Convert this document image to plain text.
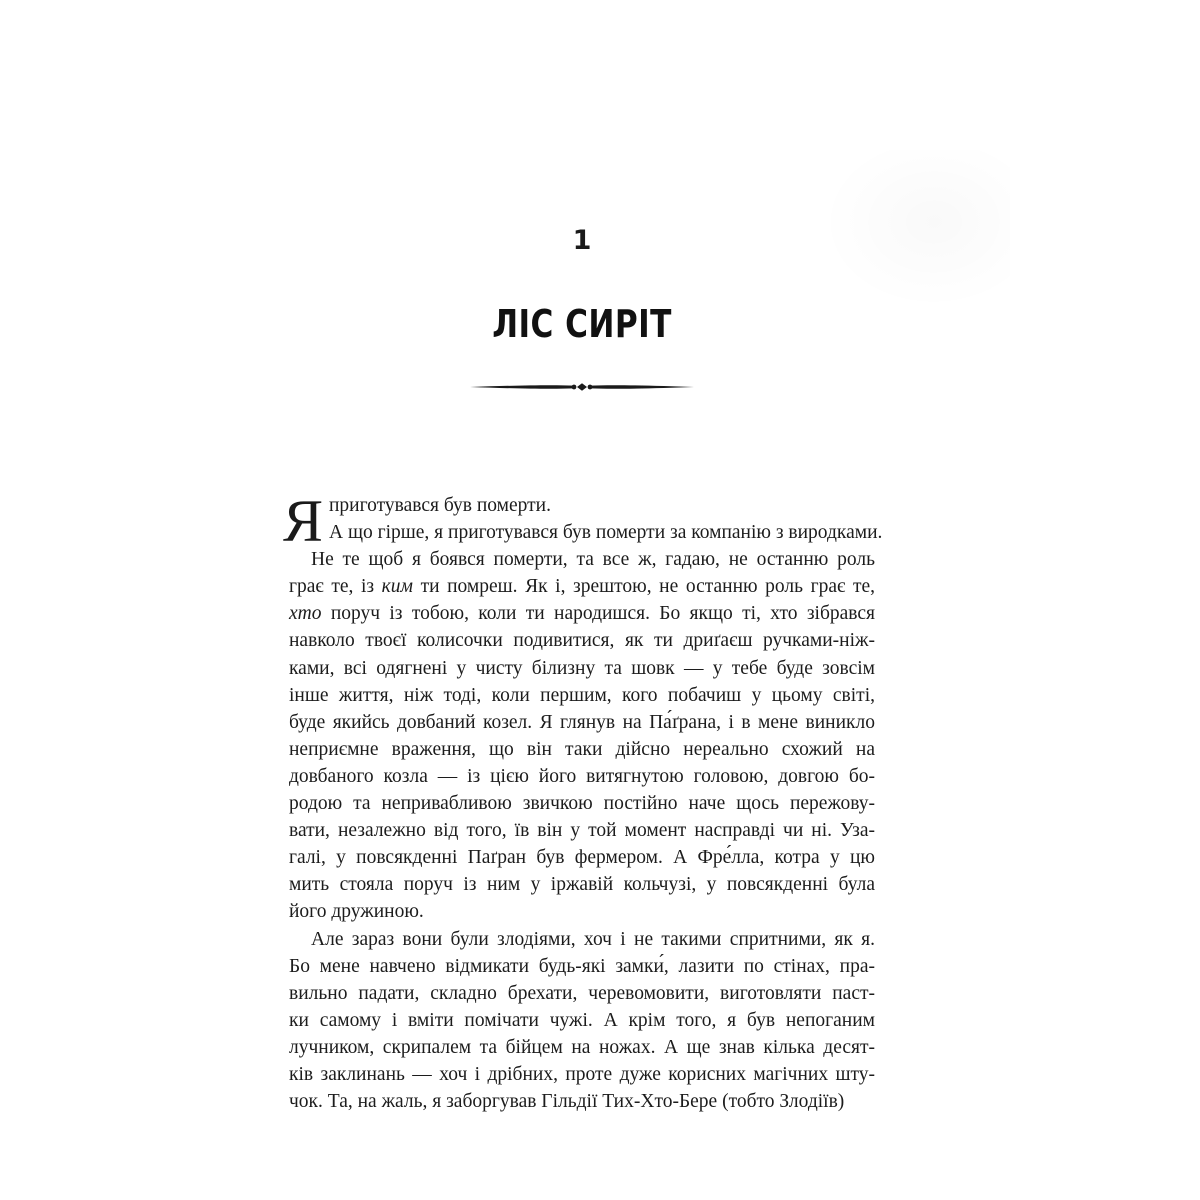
1
ЛІС СИРІТ
Я приготувався був померти.
А що гірше, я приготувався був померти за компанію з виродками.
Не те щоб я боявся померти, та все ж, гадаю, не останню роль
грає те, із ким ти помреш. Як і, зрештою, не останню роль грає те,
хто поруч із тобою, коли ти народишся. Бо якщо ті, хто зібрався
навколо твоєї колисочки подивитися, як ти дриґаєш ручками-ніж-
ками, всі одягнені у чисту білизну та шовк — у тебе буде зовсім
інше життя, ніж тоді, коли першим, кого побачиш у цьому світі,
буде якийсь довбаний козел. Я глянув на Па́ґрана, і в мене виникло
неприємне враження, що він таки дійсно нереально схожий на
довбаного козла — із цією його витягнутою головою, довгою бо-
родою та непривабливою звичкою постійно наче щось пережову-
вати, незалежно від того, їв він у той момент насправді чи ні. Уза-
галі, у повсякденні Паґран був фермером. А Фре́лла, котра у цю
мить стояла поруч із ним у іржавій кольчузі, у повсякденні була
його дружиною.
Але зараз вони були злодіями, хоч і не такими спритними, як я.
Бо мене навчено відмикати будь-які замки́, лазити по стінах, пра-
вильно падати, складно брехати, черевомовити, виготовляти паст-
ки самому і вміти помічати чужі. А крім того, я був непоганим
лучником, скрипалем та бійцем на ножах. А ще знав кілька десят-
ків заклинань — хоч і дрібних, проте дуже корисних магічних шту-
чок. Та, на жаль, я заборгував Гільдії Тих-Хто-Бере (тобто Злодіїв)
